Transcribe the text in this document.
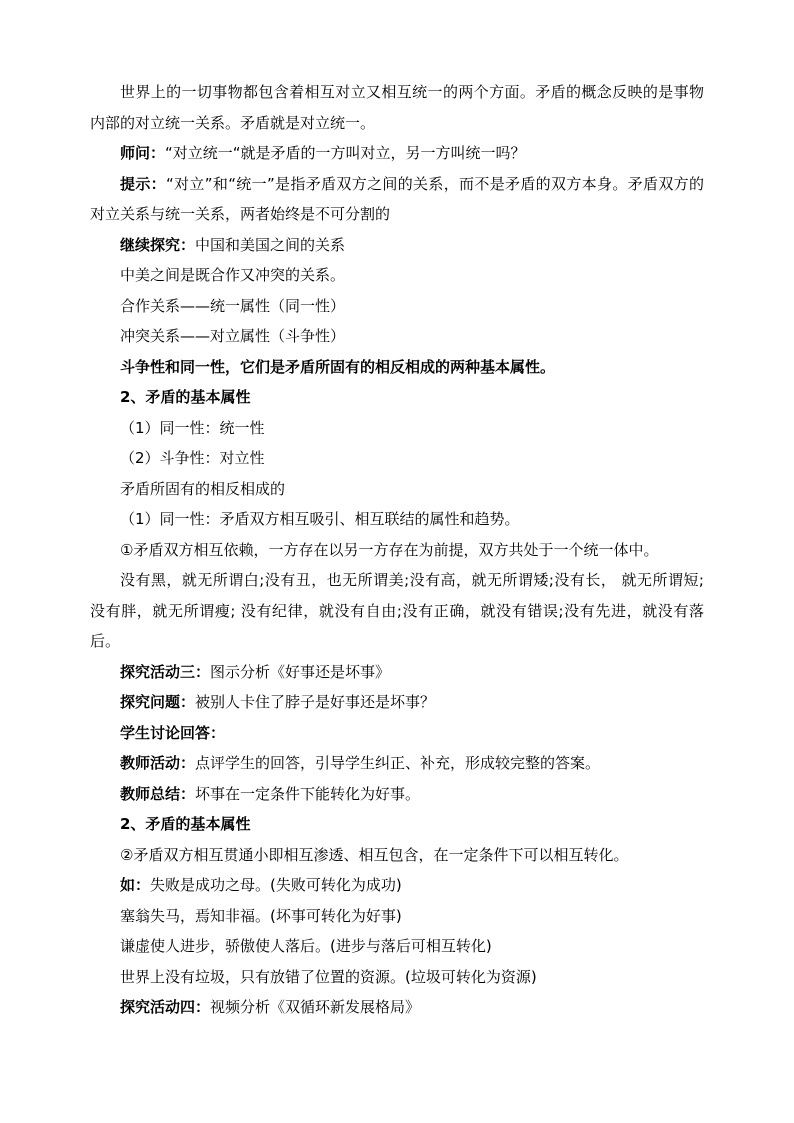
世界上的一切事物都包含着相互对立又相互统一的两个方面。矛盾的概念反映的是事物内部的对立统一关系。矛盾就是对立统一。

师问：“对立统一“就是矛盾的一方叫对立，另一方叫统一吗？

提示：“对立”和“统一”是指矛盾双方之间的关系，而不是矛盾的双方本身。矛盾双方的对立关系与统一关系，两者始终是不可分割的

继续探究：中国和美国之间的关系

中美之间是既合作又冲突的关系。

合作关系——统一属性（同一性）

冲突关系——对立属性（斗争性）

斗争性和同一性，它们是矛盾所固有的相反相成的两种基本属性。

2、矛盾的基本属性

（1）同一性：统一性

（2）斗争性：对立性

矛盾所固有的相反相成的

（1）同一性：矛盾双方相互吸引、相互联结的属性和趋势。

①矛盾双方相互依赖，一方存在以另一方存在为前提，双方共处于一个统一体中。

没有黑，就无所谓白;没有丑，也无所谓美;没有高，就无所谓矮;没有长， 就无所谓短; 没有胖，就无所谓瘦; 没有纪律，就没有自由;没有正确，就没有错误;没有先进，就没有落后。

探究活动三：图示分析《好事还是坏事》

探究问题：被别人卡住了脖子是好事还是坏事？

学生讨论回答：

教师活动：点评学生的回答，引导学生纠正、补充，形成较完整的答案。

教师总结：坏事在一定条件下能转化为好事。

2、矛盾的基本属性

②矛盾双方相互贯通小即相互渗透、相互包含，在一定条件下可以相互转化。

如：失败是成功之母。(失败可转化为成功)

塞翁失马，焉知非福。(坏事可转化为好事)

谦虚使人进步，骄傲使人落后。(进步与落后可相互转化)

世界上没有垃圾，只有放错了位置的资源。(垃圾可转化为资源)

探究活动四：视频分析《双循环新发展格局》
